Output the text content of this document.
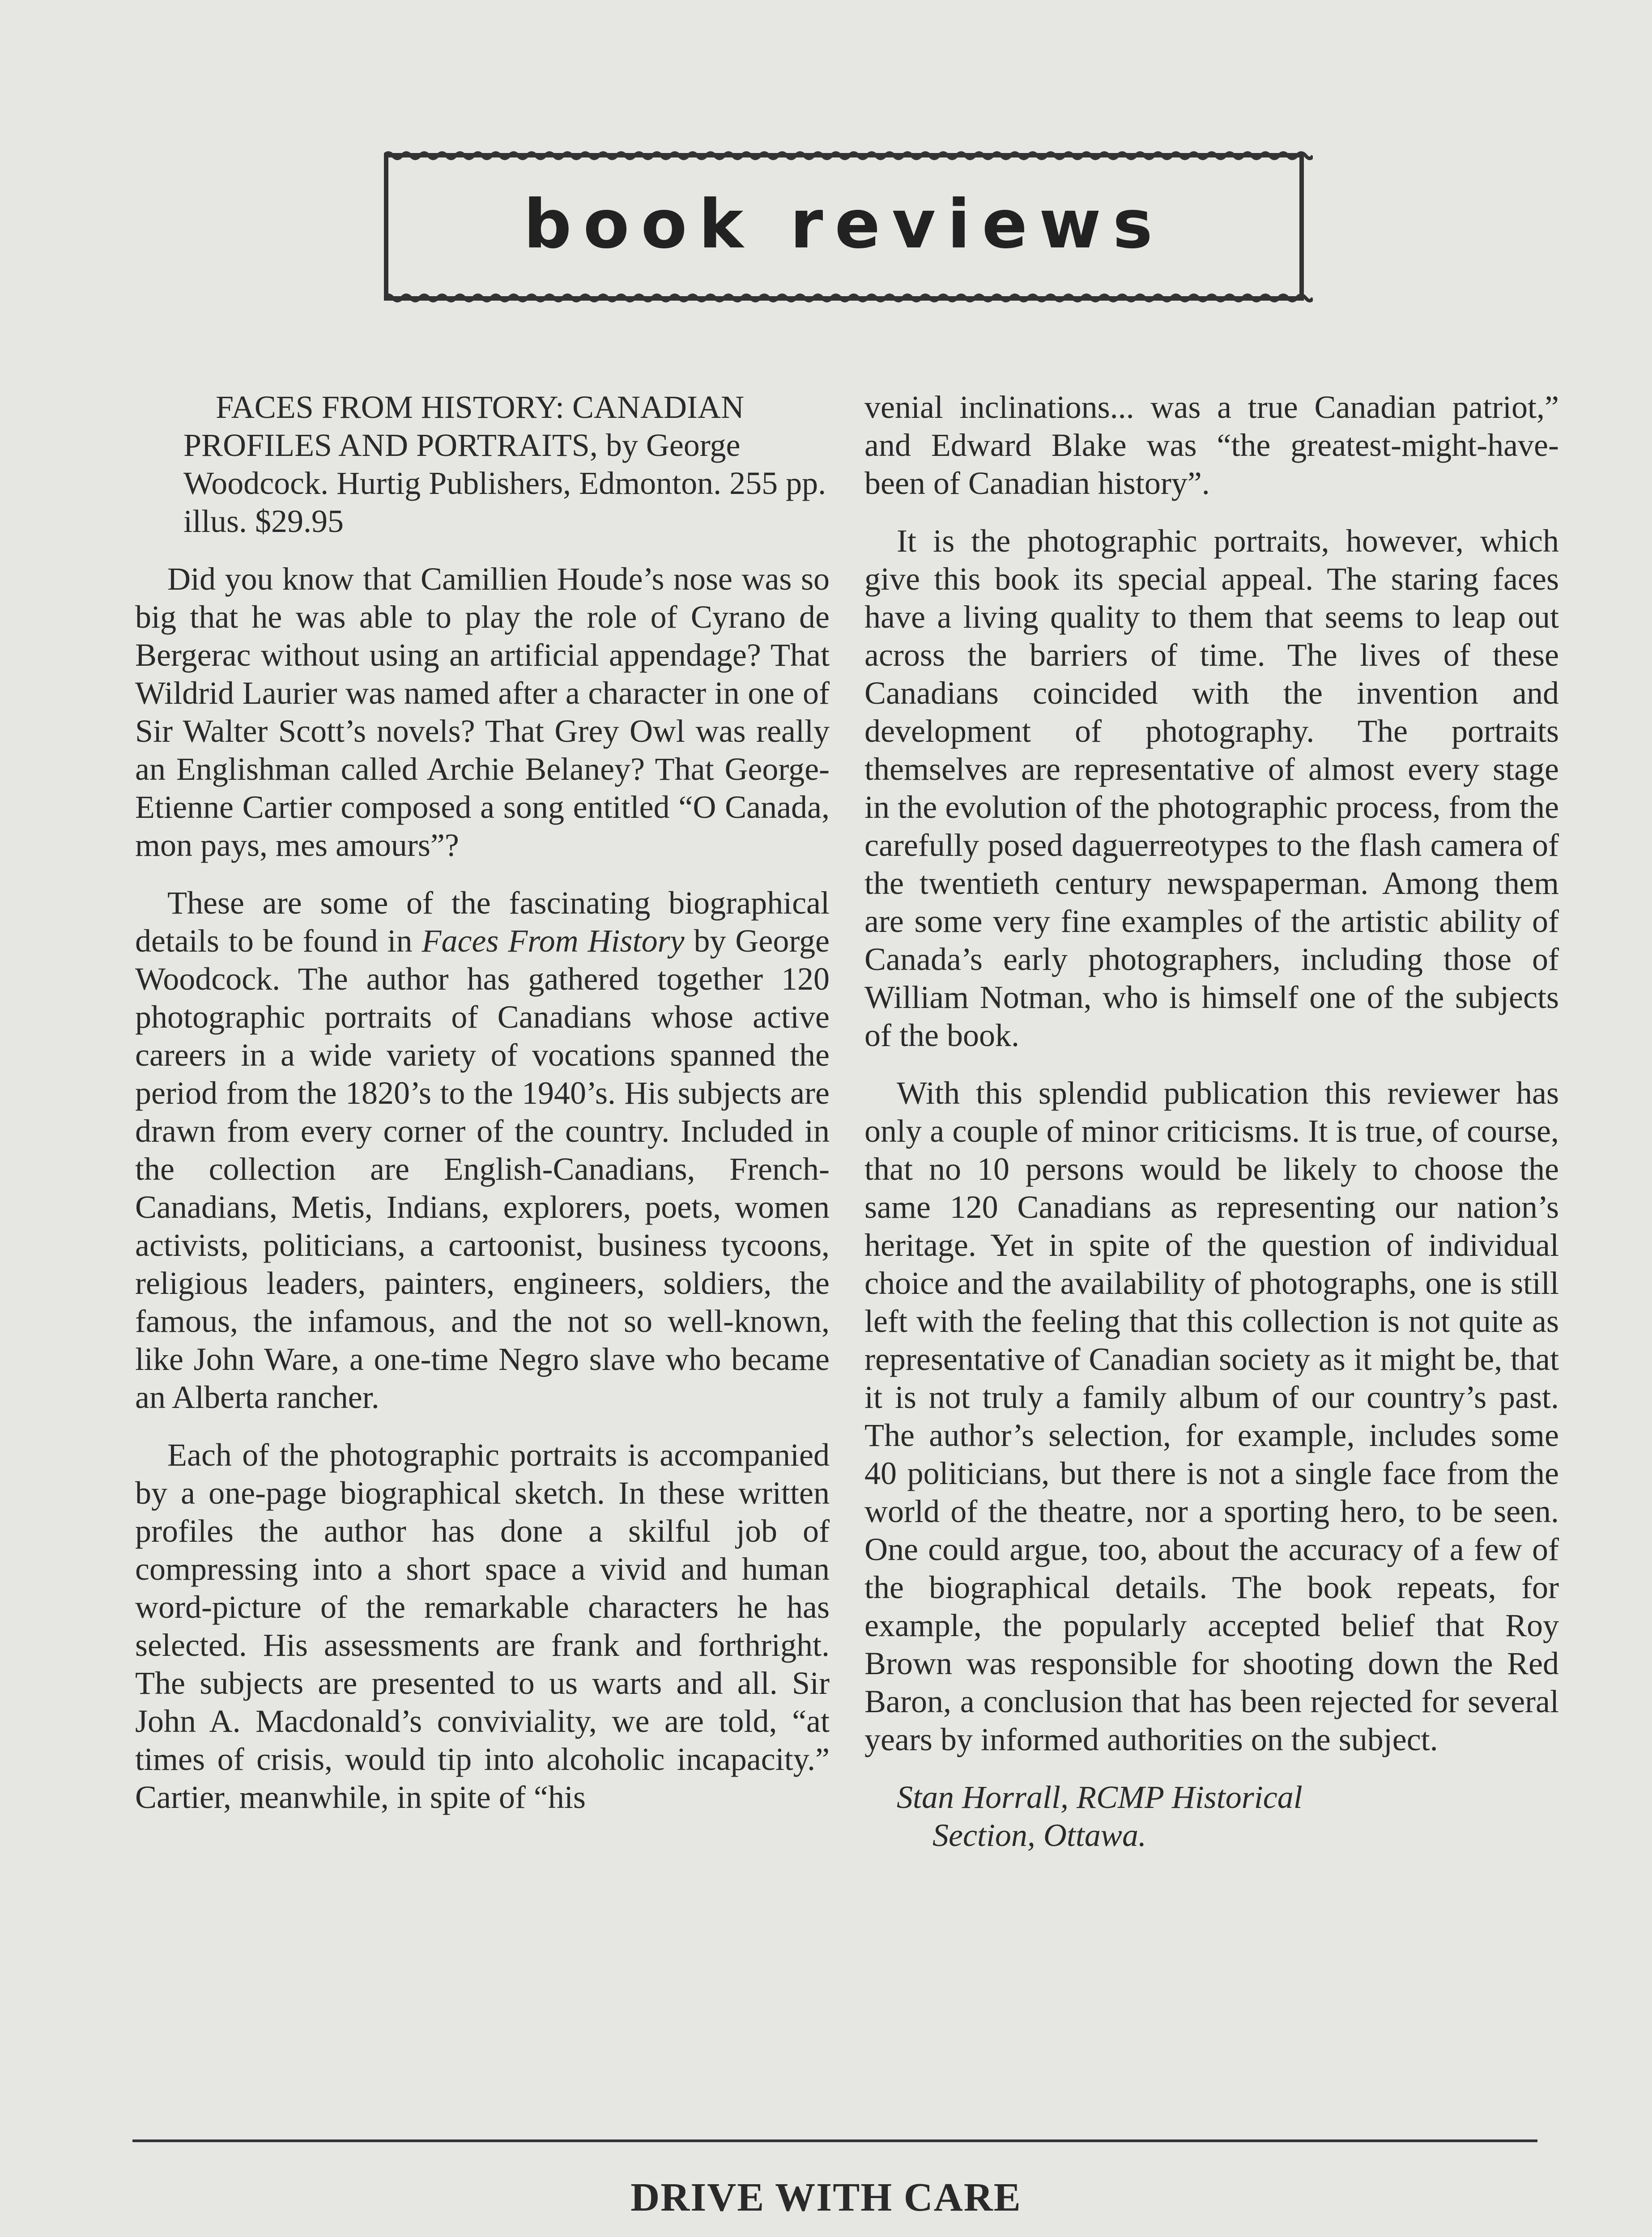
book reviews

FACES FROM HISTORY: CANADIAN PROFILES AND PORTRAITS, by George Woodcock. Hurtig Publishers, Edmonton. 255 pp. illus. $29.95

Did you know that Camillien Houde’s nose was so big that he was able to play the role of Cyrano de Bergerac without using an artificial appendage? That Wildrid Laurier was named after a character in one of Sir Walter Scott’s novels? That Grey Owl was really an Englishman called Archie Belaney? That George-Etienne Cartier composed a song entitled “O Canada, mon pays, mes amours”?

These are some of the fascinating biographical details to be found in Faces From History by George Woodcock. The author has gathered together 120 photographic portraits of Canadians whose active careers in a wide variety of vocations spanned the period from the 1820’s to the 1940’s. His subjects are drawn from every corner of the country. Included in the collection are English-Canadians, French-Canadians, Metis, Indians, explorers, poets, women activists, politicians, a cartoonist, business tycoons, religious leaders, painters, engineers, soldiers, the famous, the infamous, and the not so well-known, like John Ware, a one-time Negro slave who became an Alberta rancher.

Each of the photographic portraits is accompanied by a one-page biographical sketch. In these written profiles the author has done a skilful job of compressing into a short space a vivid and human word-picture of the remarkable characters he has selected. His assessments are frank and forthright. The subjects are presented to us warts and all. Sir John A. Macdonald’s conviviality, we are told, “at times of crisis, would tip into alcoholic incapacity.” Cartier, meanwhile, in spite of “his

venial inclinations... was a true Canadian patriot,” and Edward Blake was “the greatest-might-have-been of Canadian history”.

It is the photographic portraits, however, which give this book its special appeal. The staring faces have a living quality to them that seems to leap out across the barriers of time. The lives of these Canadians coincided with the invention and development of photography. The portraits themselves are representative of almost every stage in the evolution of the photographic process, from the carefully posed daguerreotypes to the flash camera of the twentieth century newspaperman. Among them are some very fine examples of the artistic ability of Canada’s early photographers, including those of William Notman, who is himself one of the subjects of the book.

With this splendid publication this reviewer has only a couple of minor criticisms. It is true, of course, that no 10 persons would be likely to choose the same 120 Canadians as representing our nation’s heritage. Yet in spite of the question of individual choice and the availability of photographs, one is still left with the feeling that this collection is not quite as representative of Canadian society as it might be, that it is not truly a family album of our country’s past. The author’s selection, for example, includes some 40 politicians, but there is not a single face from the world of the theatre, nor a sporting hero, to be seen. One could argue, too, about the accuracy of a few of the biographical details. The book repeats, for example, the popularly accepted belief that Roy Brown was responsible for shooting down the Red Baron, a conclusion that has been rejected for several years by informed authorities on the subject.

Stan Horrall, RCMP Historical
Section, Ottawa.

DRIVE WITH CARE
